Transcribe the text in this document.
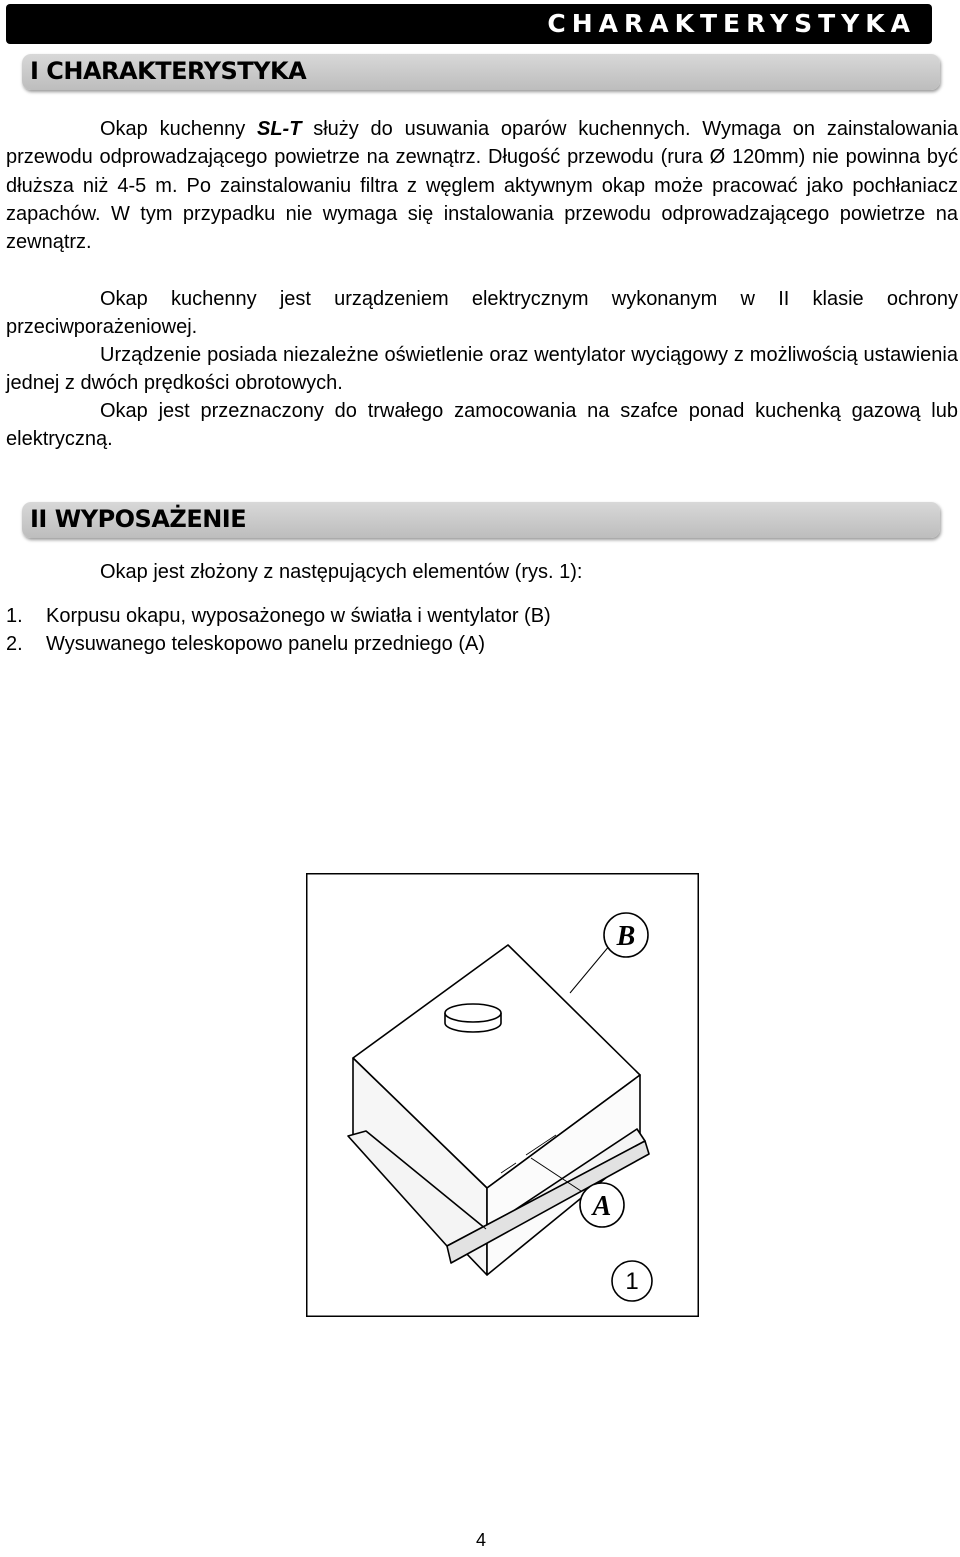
CHARAKTERYSTYKA
I CHARAKTERYSTYKA

Okap kuchenny SL-T służy do usuwania oparów kuchennych. Wymaga on zainstalowania przewodu odprowadzającego powietrze na zewnątrz. Długość przewodu (rura Ø 120mm) nie powinna być dłuższa niż 4-5 m. Po zainstalowaniu filtra z węglem aktywnym okap może pracować jako pochłaniacz zapachów. W tym przypadku nie wymaga się instalowania przewodu odprowadzającego powietrze na zewnątrz.

Okap kuchenny jest urządzeniem elektrycznym wykonanym w II klasie ochrony przeciwporażeniowej.

Urządzenie posiada niezależne oświetlenie oraz wentylator wyciągowy z możliwością ustawienia jednej z dwóch prędkości obrotowych.

Okap jest przeznaczony do trwałego zamocowania na szafce ponad kuchenką gazową lub elektryczną.

II WYPOSAŻENIE
Okap jest złożony z następujących elementów (rys. 1):
1.	Korpusu okapu, wyposażonego w światła i wentylator (B)
2.	Wysuwanego teleskopowo panelu przedniego (A)
B
A
1
4
